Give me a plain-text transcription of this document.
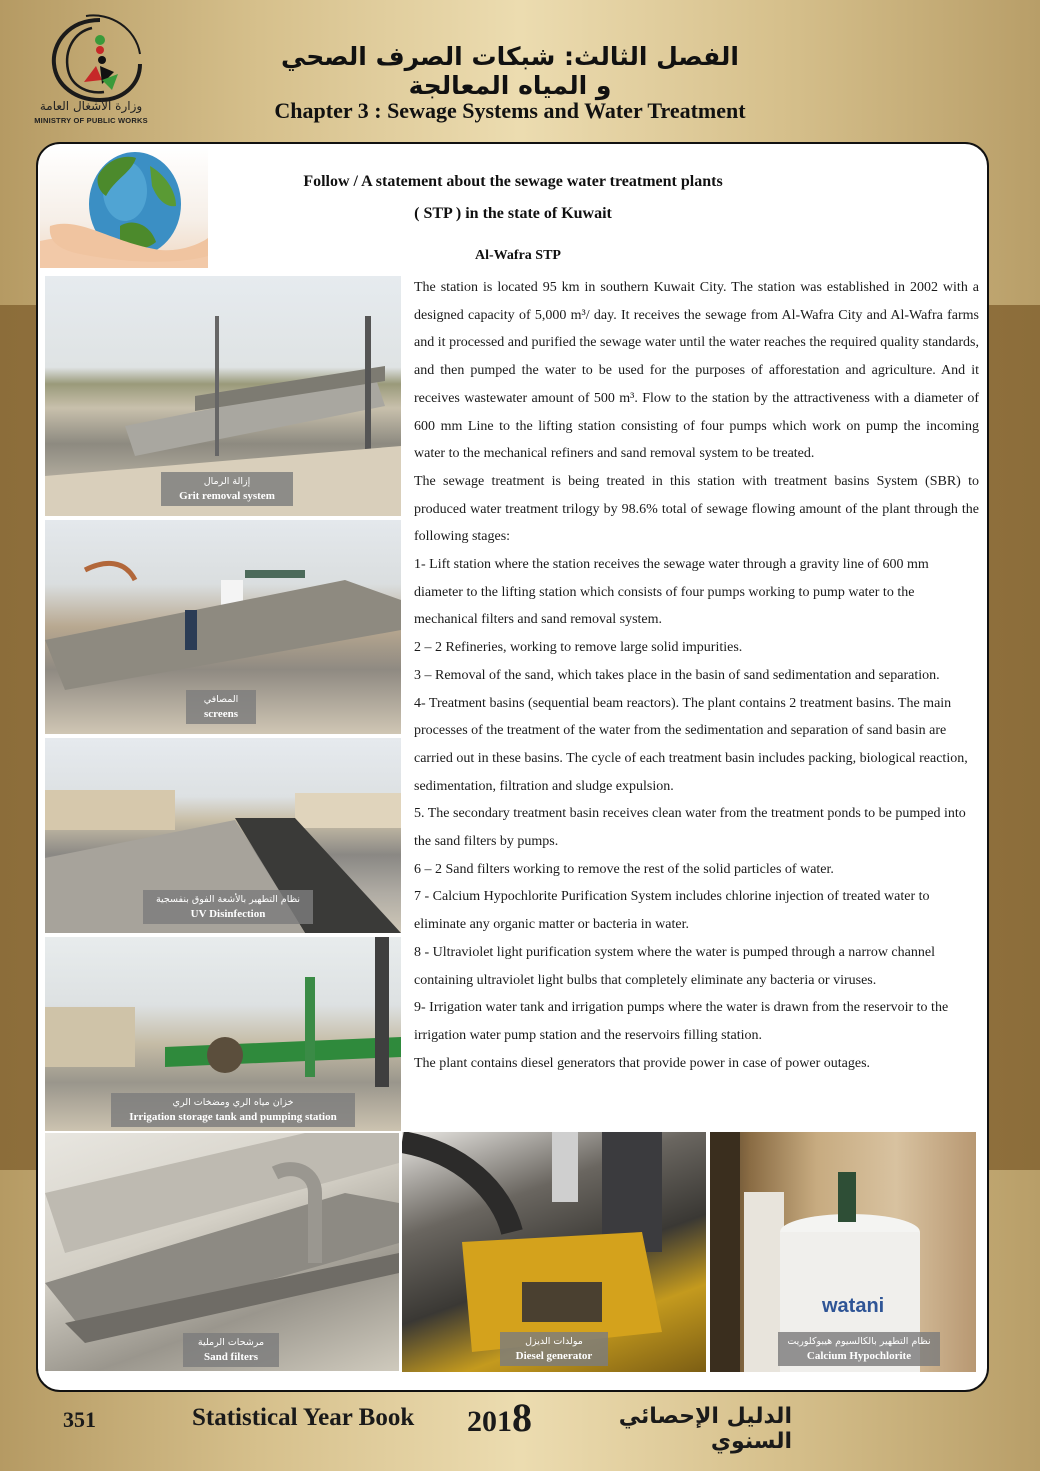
وزارة الأشغال العامة
MINISTRY OF PUBLIC WORKS
الفصل الثالث: شبكات الصرف الصحي و المياه المعالجة
Chapter 3 : Sewage Systems and Water Treatment
Follow / A statement about the sewage water treatment plants
( STP ) in the state of Kuwait
Al-Wafra STP
إزالة الرمال
Grit removal system
المصافي
screens
نظام التطهير بالأشعة الفوق بنفسجية
UV Disinfection
خزان مياه الري ومضخات الري
Irrigation storage tank and pumping station
مرشحات الرملية
Sand filters
مولدات الديزل
Diesel generator
watani
نظام التطهير بالكالسيوم هيبوكلوريت
Calcium Hypochlorite

The station is located 95 km in southern Kuwait City. The station was established in 2002 with a designed capacity of 5,000 m³/ day. It receives the sewage from Al-Wafra City and Al-Wafra farms and it processed and purified the sewage water until the water reaches the required quality standards, and then pumped the water to be used for the purposes of afforestation and agriculture. And it receives wastewater amount of 500 m³. Flow to the station by the attractiveness with a diameter of 600 mm Line to the lifting station consisting of four pumps which work on pump the incoming water to the mechanical refiners and sand removal system to be treated.

The sewage treatment is being treated in this station with treatment basins System (SBR) to produced water treatment trilogy by 98.6% total of sewage flowing amount of the plant through the following stages:

1- Lift station where the station receives the sewage water through a gravity line of 600 mm diameter to the lifting station which consists of four pumps working to pump water to the mechanical filters and sand removal system.

2 – 2 Refineries, working to remove large solid impurities.

3 – Removal of the sand, which takes place in the basin of sand sedimentation and separation.

4- Treatment basins (sequential beam reactors). The plant contains 2 treatment basins. The main processes of the treatment of the water from the sedimentation and separation of sand basin are carried out in these basins. The cycle of each treatment basin includes packing, biological reaction, sedimentation, filtration and sludge expulsion.

5. The secondary treatment basin receives clean water from the treatment ponds to be pumped into the sand filters by pumps.

6 – 2 Sand filters working to remove the rest of the solid particles of water.

7 - Calcium Hypochlorite Purification System includes chlorine injection of treated water to eliminate any organic matter or bacteria in water.

8 - Ultraviolet light purification system where the water is pumped through a narrow channel containing ultraviolet light bulbs that completely eliminate any bacteria or viruses.

9- Irrigation water tank and irrigation pumps where the water is drawn from the reservoir to the irrigation water pump station and the reservoirs filling station.

The plant contains diesel generators that provide power in case of power outages.

351	Statistical Year Book 2018	الدليل الإحصائي السنوي
